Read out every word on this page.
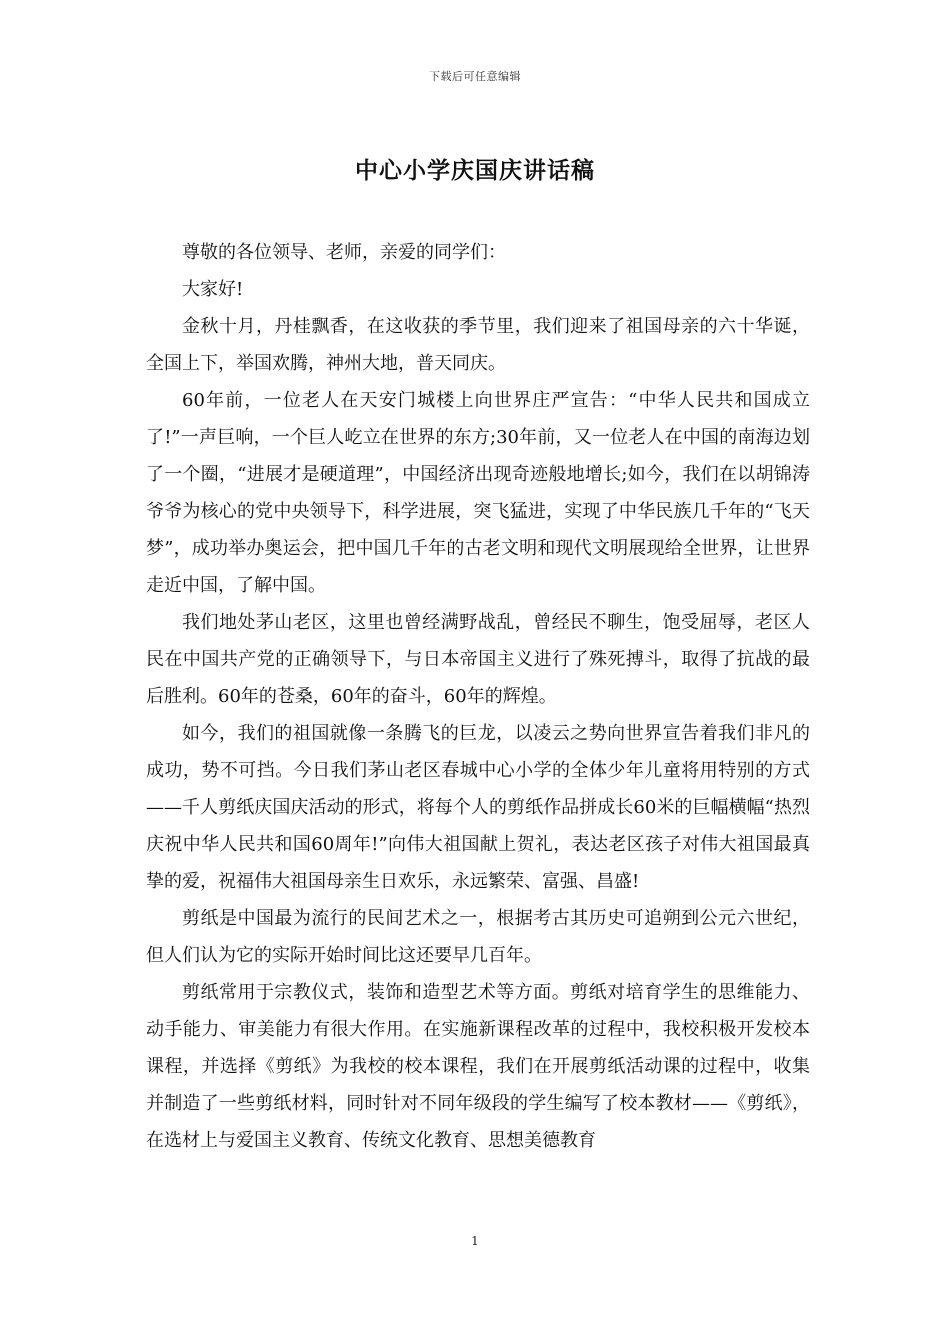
下载后可任意编辑
中心小学庆国庆讲话稿

尊敬的各位领导、老师，亲爱的同学们：

大家好!

金秋十月，丹桂飘香，在这收获的季节里，我们迎来了祖国母亲的六十华诞，全国上下，举国欢腾，神州大地，普天同庆。

60年前，一位老人在天安门城楼上向世界庄严宣告：“中华人民共和国成立了!”一声巨响，一个巨人屹立在世界的东方;30年前，又一位老人在中国的南海边划了一个圈，“进展才是硬道理”，中国经济出现奇迹般地增长;如今，我们在以胡锦涛爷爷为核心的党中央领导下，科学进展，突飞猛进，实现了中华民族几千年的“飞天梦”，成功举办奥运会，把中国几千年的古老文明和现代文明展现给全世界，让世界走近中国，了解中国。

我们地处茅山老区，这里也曾经满野战乱，曾经民不聊生，饱受屈辱，老区人民在中国共产党的正确领导下，与日本帝国主义进行了殊死搏斗，取得了抗战的最后胜利。60年的苍桑，60年的奋斗，60年的辉煌。

如今，我们的祖国就像一条腾飞的巨龙，以凌云之势向世界宣告着我们非凡的成功，势不可挡。今日我们茅山老区春城中心小学的全体少年儿童将用特别的方式——千人剪纸庆国庆活动的形式，将每个人的剪纸作品拼成长60米的巨幅横幅“热烈庆祝中华人民共和国60周年!”向伟大祖国献上贺礼，表达老区孩子对伟大祖国最真挚的爱，祝福伟大祖国母亲生日欢乐，永远繁荣、富强、昌盛!

剪纸是中国最为流行的民间艺术之一，根据考古其历史可追朔到公元六世纪，但人们认为它的实际开始时间比这还要早几百年。

剪纸常用于宗教仪式，装饰和造型艺术等方面。剪纸对培育学生的思维能力、动手能力、审美能力有很大作用。在实施新课程改革的过程中，我校积极开发校本课程，并选择《剪纸》为我校的校本课程，我们在开展剪纸活动课的过程中，收集并制造了一些剪纸材料，同时针对不同年级段的学生编写了校本教材——《剪纸》，在选材上与爱国主义教育、传统文化教育、思想美德教育

1
